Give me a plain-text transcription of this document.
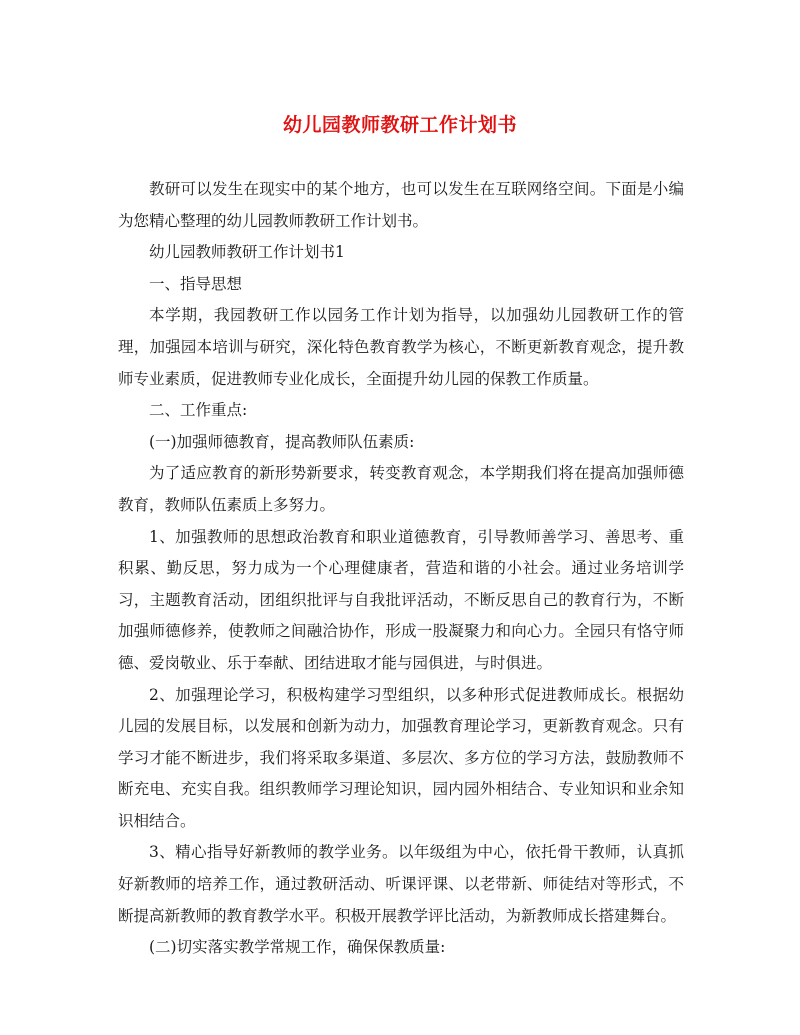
幼儿园教师教研工作计划书

教研可以发生在现实中的某个地方，也可以发生在互联网络空间。下面是小编为您精心整理的幼儿园教师教研工作计划书。

幼儿园教师教研工作计划书1

一、指导思想

本学期，我园教研工作以园务工作计划为指导，以加强幼儿园教研工作的管理，加强园本培训与研究，深化特色教育教学为核心，不断更新教育观念，提升教师专业素质，促进教师专业化成长，全面提升幼儿园的保教工作质量。

二、工作重点:

(一)加强师德教育，提高教师队伍素质:

为了适应教育的新形势新要求，转变教育观念，本学期我们将在提高加强师德教育，教师队伍素质上多努力。

1、加强教师的思想政治教育和职业道德教育，引导教师善学习、善思考、重积累、勤反思，努力成为一个心理健康者，营造和谐的小社会。通过业务培训学习，主题教育活动，团组织批评与自我批评活动，不断反思自己的教育行为，不断加强师德修养，使教师之间融洽协作，形成一股凝聚力和向心力。全园只有恪守师德、爱岗敬业、乐于奉献、团结进取才能与园俱进，与时俱进。

2、加强理论学习，积极构建学习型组织，以多种形式促进教师成长。根据幼儿园的发展目标，以发展和创新为动力，加强教育理论学习，更新教育观念。只有学习才能不断进步，我们将采取多渠道、多层次、多方位的学习方法，鼓励教师不断充电、充实自我。组织教师学习理论知识，园内园外相结合、专业知识和业余知识相结合。

3、精心指导好新教师的教学业务。以年级组为中心，依托骨干教师，认真抓好新教师的培养工作，通过教研活动、听课评课、以老带新、师徒结对等形式，不断提高新教师的教育教学水平。积极开展教学评比活动，为新教师成长搭建舞台。

(二)切实落实教学常规工作，确保保教质量:
